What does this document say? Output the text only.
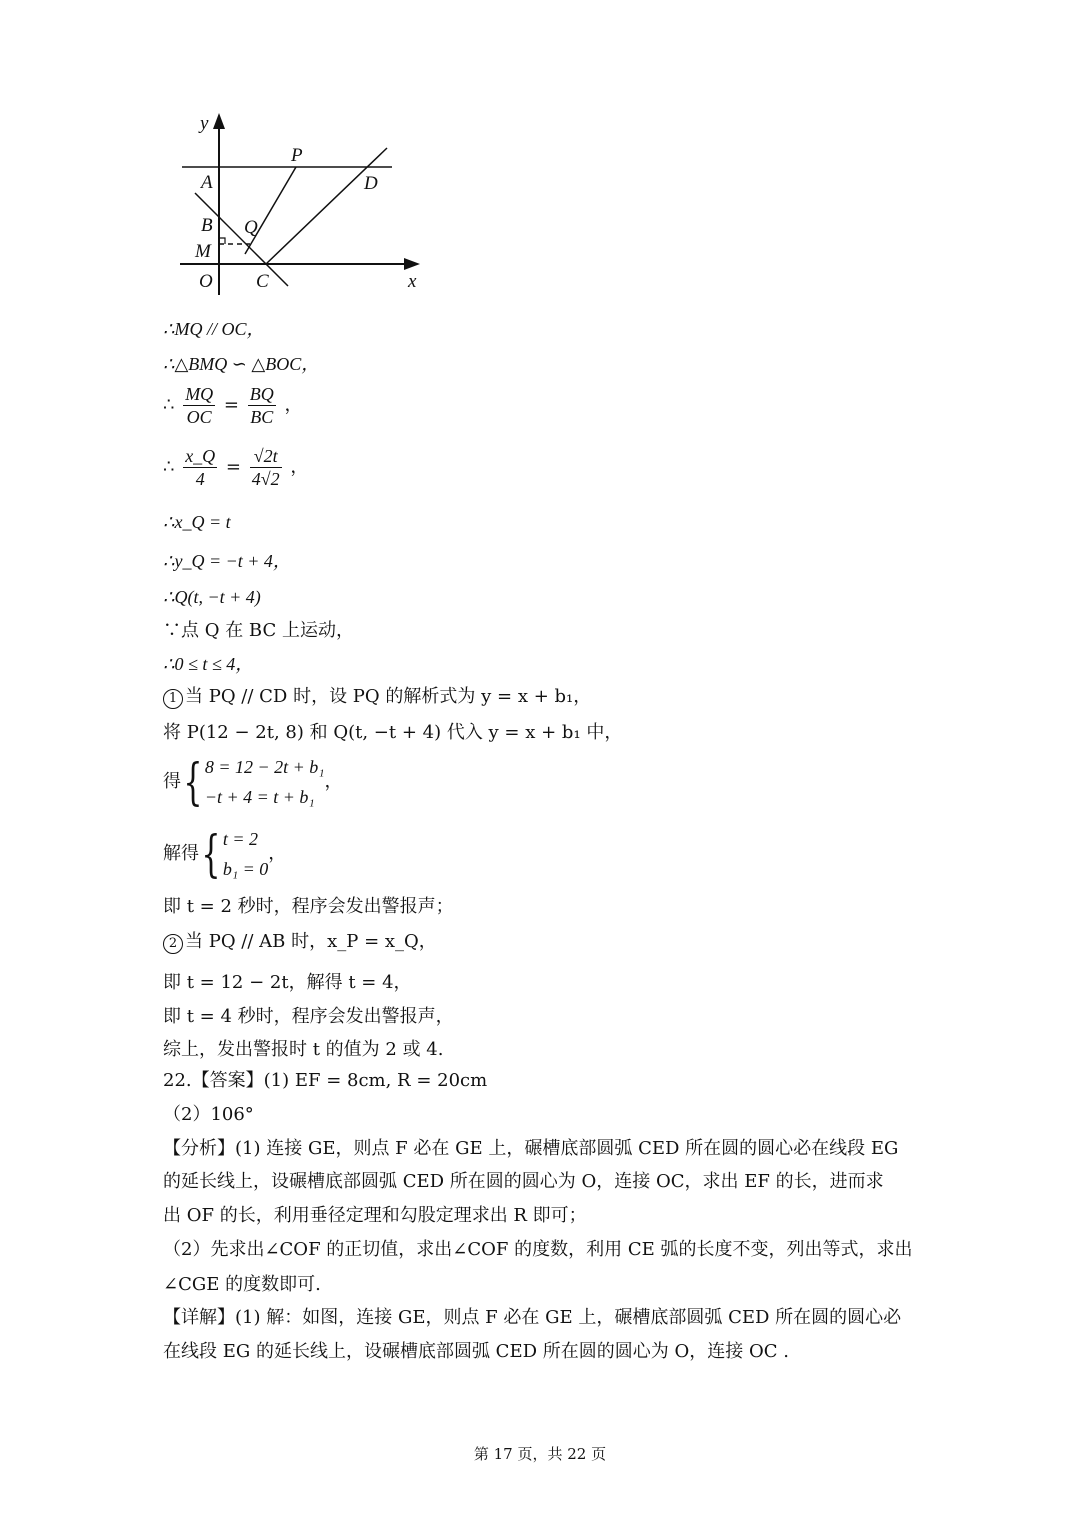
y
x
P
A	D
B Q
M
O C
∴MQ // OC，
∴△BMQ ∽ △BOC，
∴ $\frac{MQ}{OC} = \frac{BQ}{BC}$ ，
∴ $\frac{x\_Q}{4} = \frac{√2t}{4√2}$ ，
∴x_Q = t
∴y_Q = −t + 4，
∴Q(t, −t + 4)
∵点 Q 在 BC 上运动，
∴0 ≤ t ≤ 4，
1 当 PQ // CD 时，设 PQ 的解析式为 y = x + b₁，
将 P(12 − 2t, 8) 和 Q(t, −t + 4) 代入 y = x + b₁ 中，
得{ 8 = 12 − 2t + b₁
−t + 4 = t + b₁
，
解得{ t = 2
b₁ = 0
，
即 t = 2 秒时，程序会发出警报声；
2 当 PQ // AB 时，x_P = x_Q，
即 t = 12 − 2t，解得 t = 4，
即 t = 4 秒时，程序会发出警报声，
综上，发出警报时 t 的值为 2 或 4.
22.【答案】(1) EF = 8cm, R = 20cm
（2）106°
【分析】(1) 连接 GE，则点 F 必在 GE 上，碾槽底部圆弧 CED 所在圆的圆心必在线段 EG
的延长线上，设碾槽底部圆弧 CED 所在圆的圆心为 O，连接 OC，求出 EF 的长，进而求
出 OF 的长，利用垂径定理和勾股定理求出 R 即可；
（2）先求出∠COF 的正切值，求出∠COF 的度数，利用 CE 弧的长度不变，列出等式，求出
∠CGE 的度数即可.
【详解】(1) 解：如图，连接 GE，则点 F 必在 GE 上，碾槽底部圆弧 CED 所在圆的圆心必
在线段 EG 的延长线上，设碾槽底部圆弧 CED 所在圆的圆心为 O，连接 OC .
第 17 页，共 22 页
